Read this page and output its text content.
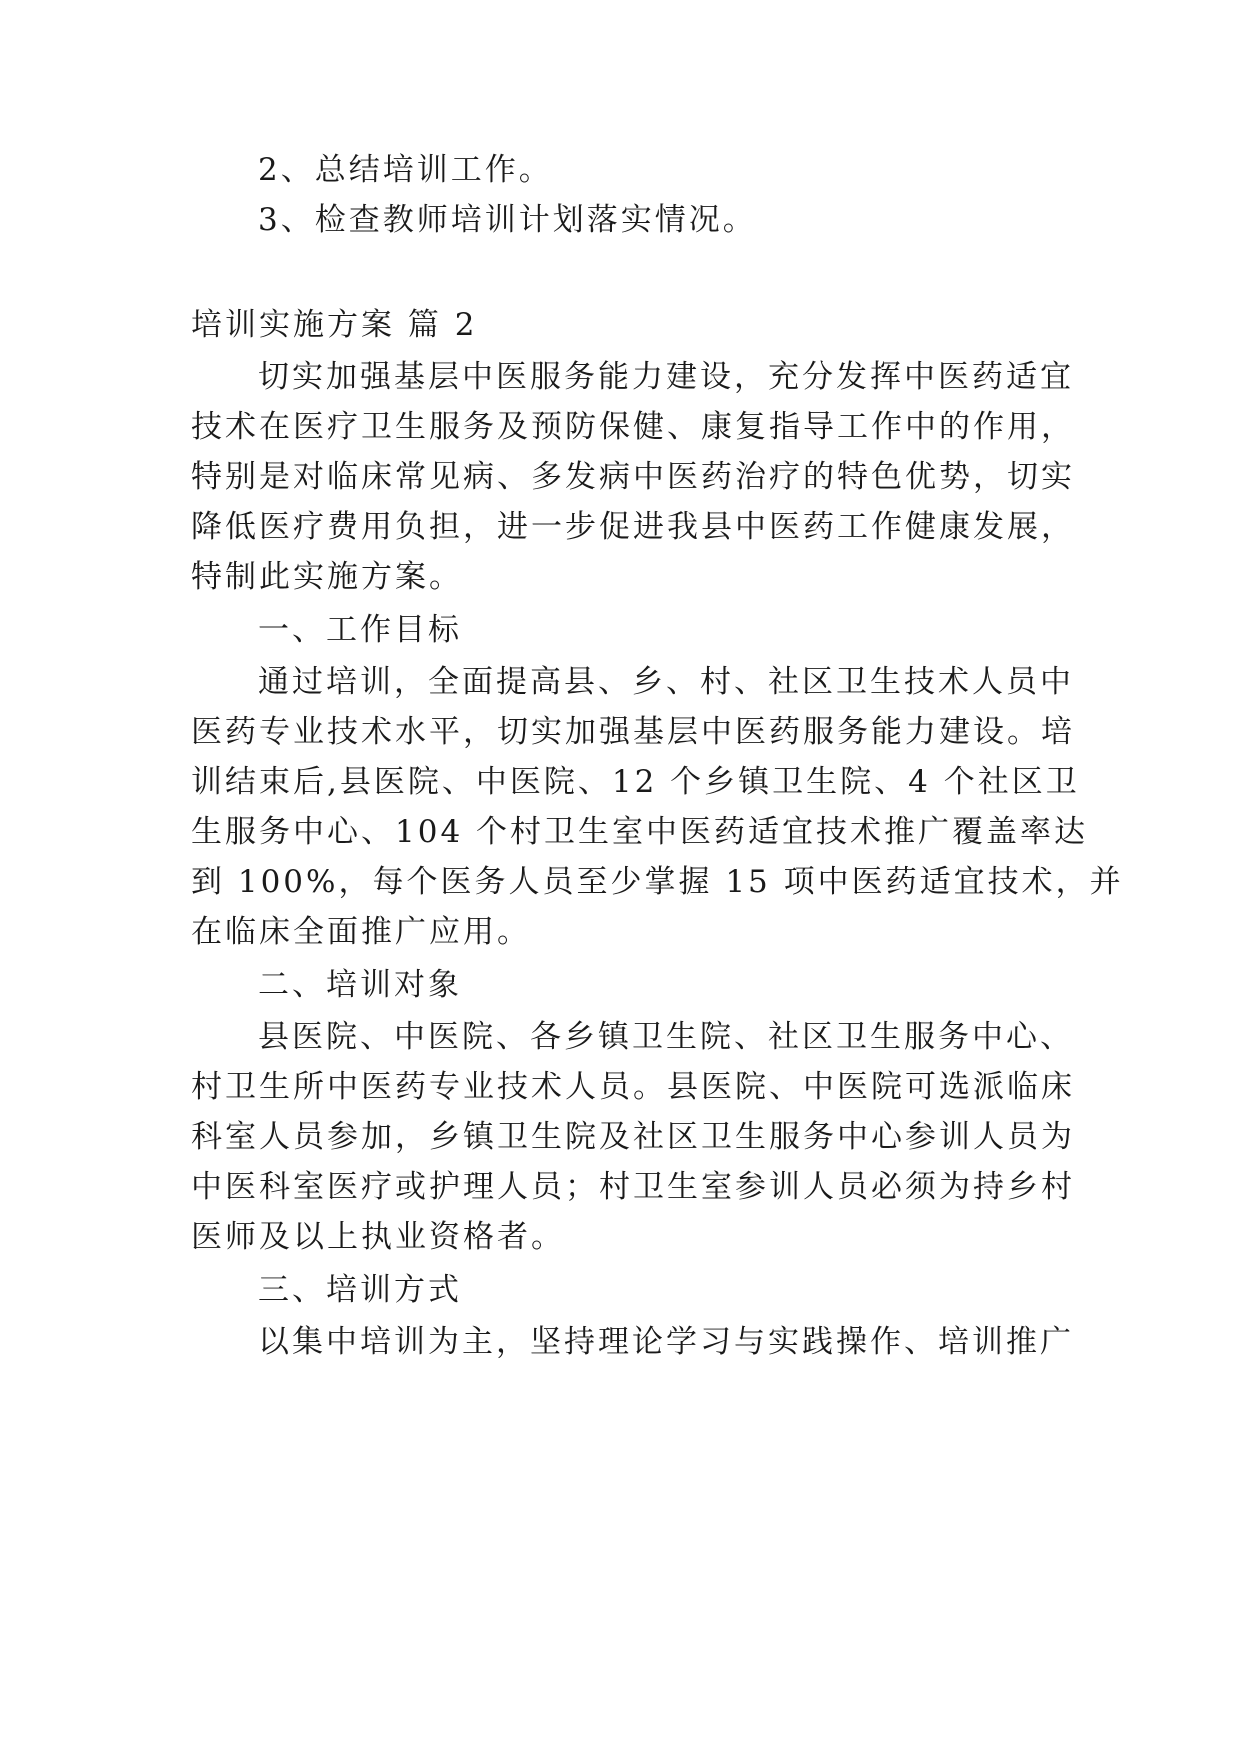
2、总结培训工作。
3、检查教师培训计划落实情况。
培训实施方案 篇 2
切实加强基层中医服务能力建设，充分发挥中医药适宜
技术在医疗卫生服务及预防保健、康复指导工作中的作用，
特别是对临床常见病、多发病中医药治疗的特色优势，切实
降低医疗费用负担，进一步促进我县中医药工作健康发展，
特制此实施方案。
一、工作目标
通过培训，全面提高县、乡、村、社区卫生技术人员中
医药专业技术水平，切实加强基层中医药服务能力建设。培
训结束后,县医院、中医院、12 个乡镇卫生院、4 个社区卫
生服务中心、104 个村卫生室中医药适宜技术推广覆盖率达
到 100%，每个医务人员至少掌握 15 项中医药适宜技术，并
在临床全面推广应用。
二、培训对象
县医院、中医院、各乡镇卫生院、社区卫生服务中心、
村卫生所中医药专业技术人员。县医院、中医院可选派临床
科室人员参加，乡镇卫生院及社区卫生服务中心参训人员为
中医科室医疗或护理人员；村卫生室参训人员必须为持乡村
医师及以上执业资格者。
三、培训方式
以集中培训为主，坚持理论学习与实践操作、培训推广
